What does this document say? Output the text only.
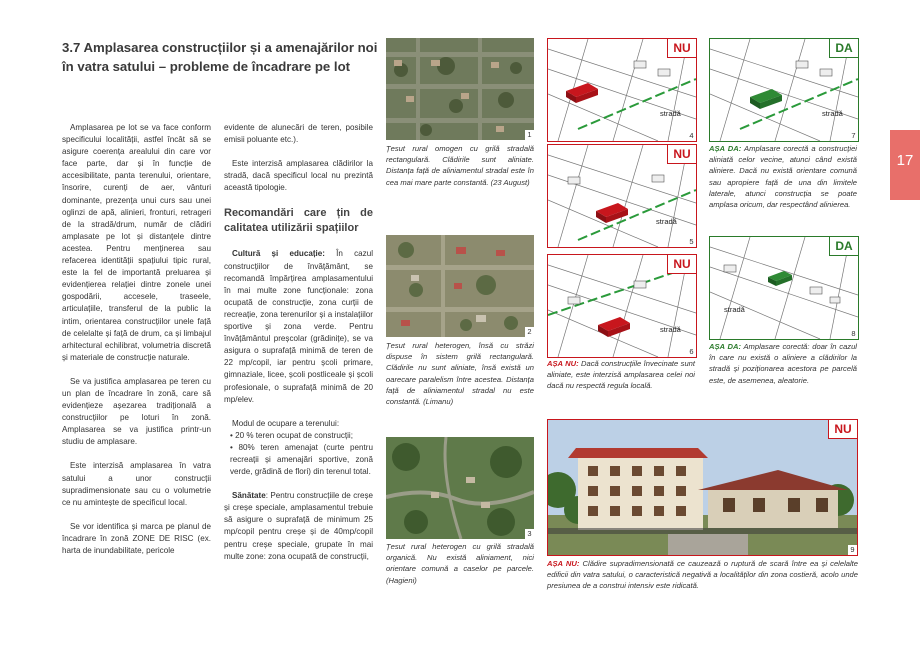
3.7 Amplasarea construcțiilor și a amenajărilor noi în vatra satului – probleme de încadrare pe lot

Amplasarea pe lot se va face conform specificului localității, astfel încât să se asigure coerența arealului din care vor face parte, dar și în funcție de accesibilitate, panta terenului, orientare, însorire, curenți de aer, vânturi dominante, prezența unui curs sau unei oglinzi de apă, alinieri, fronturi, retrageri de la stradă/drum, număr de clădiri amplasate pe lot și distanțele dintre acestea. Pentru menținerea sau refacerea identității spațiului tipic rural, este la fel de importantă preluarea și evidențierea relației dintre zonele unei gospodării, accesele, traseele, articulațiile, transferul de la public la intim, orientarea construcțiilor unele față de celelalte și față de drum, ca și limbajul arhitectural echilibrat, volumetria discretă și materiale de construcție naturale.

Se va justifica amplasarea pe teren cu un plan de încadrare în zonă, care să evidențieze așezarea tradițională a construcțiilor pe loturi în zonă. Amplasarea se va justifica printr-un studiu de amplasare.

Este interzisă amplasarea în vatra satului a unor construcții supradimensionate sau cu o volumetrie ce nu amintește de specificul local.

Se vor identifica și marca pe planul de încadrare în zonă ZONE DE RISC (ex. harta de inundabilitate, pericole

evidente de alunecări de teren, posibile emisii poluante etc.).

Este interzisă amplasarea clădirilor la stradă, dacă specificul local nu prezintă această tipologie.

Recomandări care țin de calitatea utilizării spațiilor

Cultură și educație: În cazul construcțiilor de învățământ, se recomandă împărțirea amplasamentului în mai multe zone funcționale: zona ocupată de construcție, zona curții de recreație, zona terenurilor și a instalațiilor sportive și zona verde. Pentru învățământul preșcolar (grădinițe), se va asigura o suprafață minimă de teren de 22 mp/copil, iar pentru școli primare, gimnaziale, licee, școli postliceale și școli profesionale, o suprafață minimă de 20 mp/elev.

Modul de ocupare a terenului:
• 20 % teren ocupat de construcții;
• 80% teren amenajat (curte pentru recreații și amenajări sportive, zonă verde, grădină de flori) din terenul total.

Sănătate: Pentru construcțiile de creșe și creșe speciale, amplasamentul trebuie să asigure o suprafață de minimum 25 mp/copil pentru creșe și de 40mp/copil pentru creșe speciale, grupate în mai multe zone: zona ocupată de construcții,

1
Țesut rural omogen cu grilă stradală rectangulară. Clădirile sunt aliniate. Distanța față de aliniamentul stradal este în cea mai mare parte constantă. (23 August)
2
Țesut rural heterogen, însă cu străzi dispuse în sistem grilă rectangulară. Clădirile nu sunt aliniate, însă există un oarecare paralelism între acestea. Distanța față de aliniamentul stradal nu este constantă. (Limanu)
3
Țesut rural heterogen cu grilă stradală organică. Nu există aliniament, nici orientare comună a caselor pe parcele. (Hagieni)
NU
stradă
4
NU
stradă
5
NU
stradă
6
AȘA NU: Dacă construcțiile învecinate sunt aliniate, este interzisă amplasarea celei noi dacă nu respectă regula locală.
DA
stradă
7
AȘA DA: Amplasare corectă a construcției aliniată celor vecine, atunci când există aliniere. Dacă nu există orientare comună sau apropiere față de una din limitele laterale, atunci construcția se poate amplasa oricum, dar respectând alinierea.
DA
stradă
8
AȘA DA: Amplasare corectă: doar în cazul în care nu există o aliniere a clădirilor la stradă și poziționarea acestora pe parcelă este, de asemenea, aleatorie.
NU
9
AȘA NU: Clădire supradimensionată ce cauzează o ruptură de scară între ea și celelalte edificii din vatra satului, o caracteristică negativă a localităților din zona costieră, acolo unde presiunea de a construi intensiv este ridicată.
17
